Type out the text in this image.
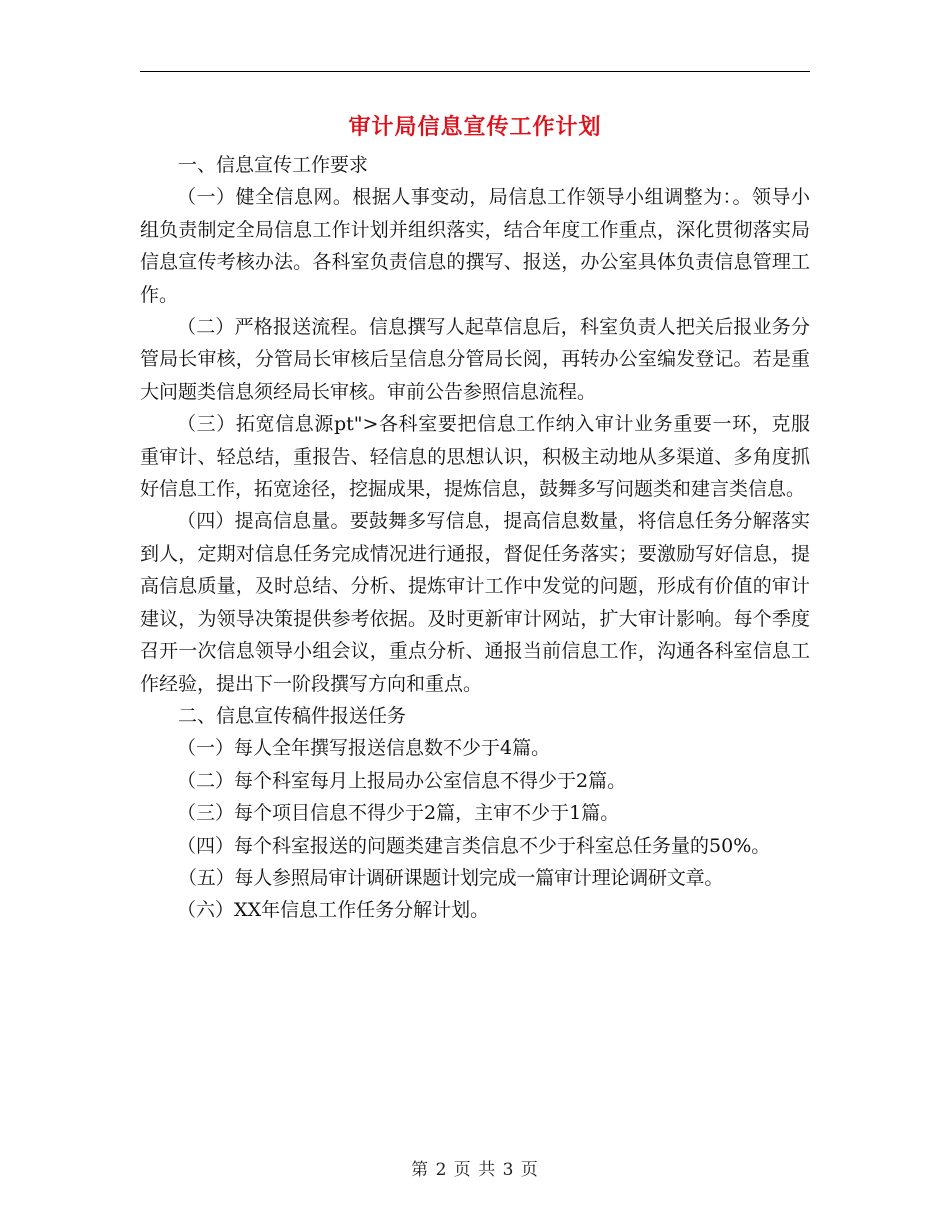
审计局信息宣传工作计划

一、信息宣传工作要求

（一）健全信息网。根据人事变动，局信息工作领导小组调整为：。领导小组负责制定全局信息工作计划并组织落实，结合年度工作重点，深化贯彻落实局信息宣传考核办法。各科室负责信息的撰写、报送，办公室具体负责信息管理工作。

（二）严格报送流程。信息撰写人起草信息后，科室负责人把关后报业务分管局长审核，分管局长审核后呈信息分管局长阅，再转办公室编发登记。若是重大问题类信息须经局长审核。审前公告参照信息流程。

（三）拓宽信息源pt">各科室要把信息工作纳入审计业务重要一环，克服重审计、轻总结，重报告、轻信息的思想认识，积极主动地从多渠道、多角度抓好信息工作，拓宽途径，挖掘成果，提炼信息，鼓舞多写问题类和建言类信息。

（四）提高信息量。要鼓舞多写信息，提高信息数量，将信息任务分解落实到人，定期对信息任务完成情况进行通报，督促任务落实；要激励写好信息，提高信息质量，及时总结、分析、提炼审计工作中发觉的问题，形成有价值的审计建议，为领导决策提供参考依据。及时更新审计网站，扩大审计影响。每个季度召开一次信息领导小组会议，重点分析、通报当前信息工作，沟通各科室信息工作经验，提出下一阶段撰写方向和重点。

二、信息宣传稿件报送任务

（一）每人全年撰写报送信息数不少于4篇。

（二）每个科室每月上报局办公室信息不得少于2篇。

（三）每个项目信息不得少于2篇，主审不少于1篇。

（四）每个科室报送的问题类建言类信息不少于科室总任务量的50%。

（五）每人参照局审计调研课题计划完成一篇审计理论调研文章。

（六）XX年信息工作任务分解计划。

第 2 页 共 3 页
